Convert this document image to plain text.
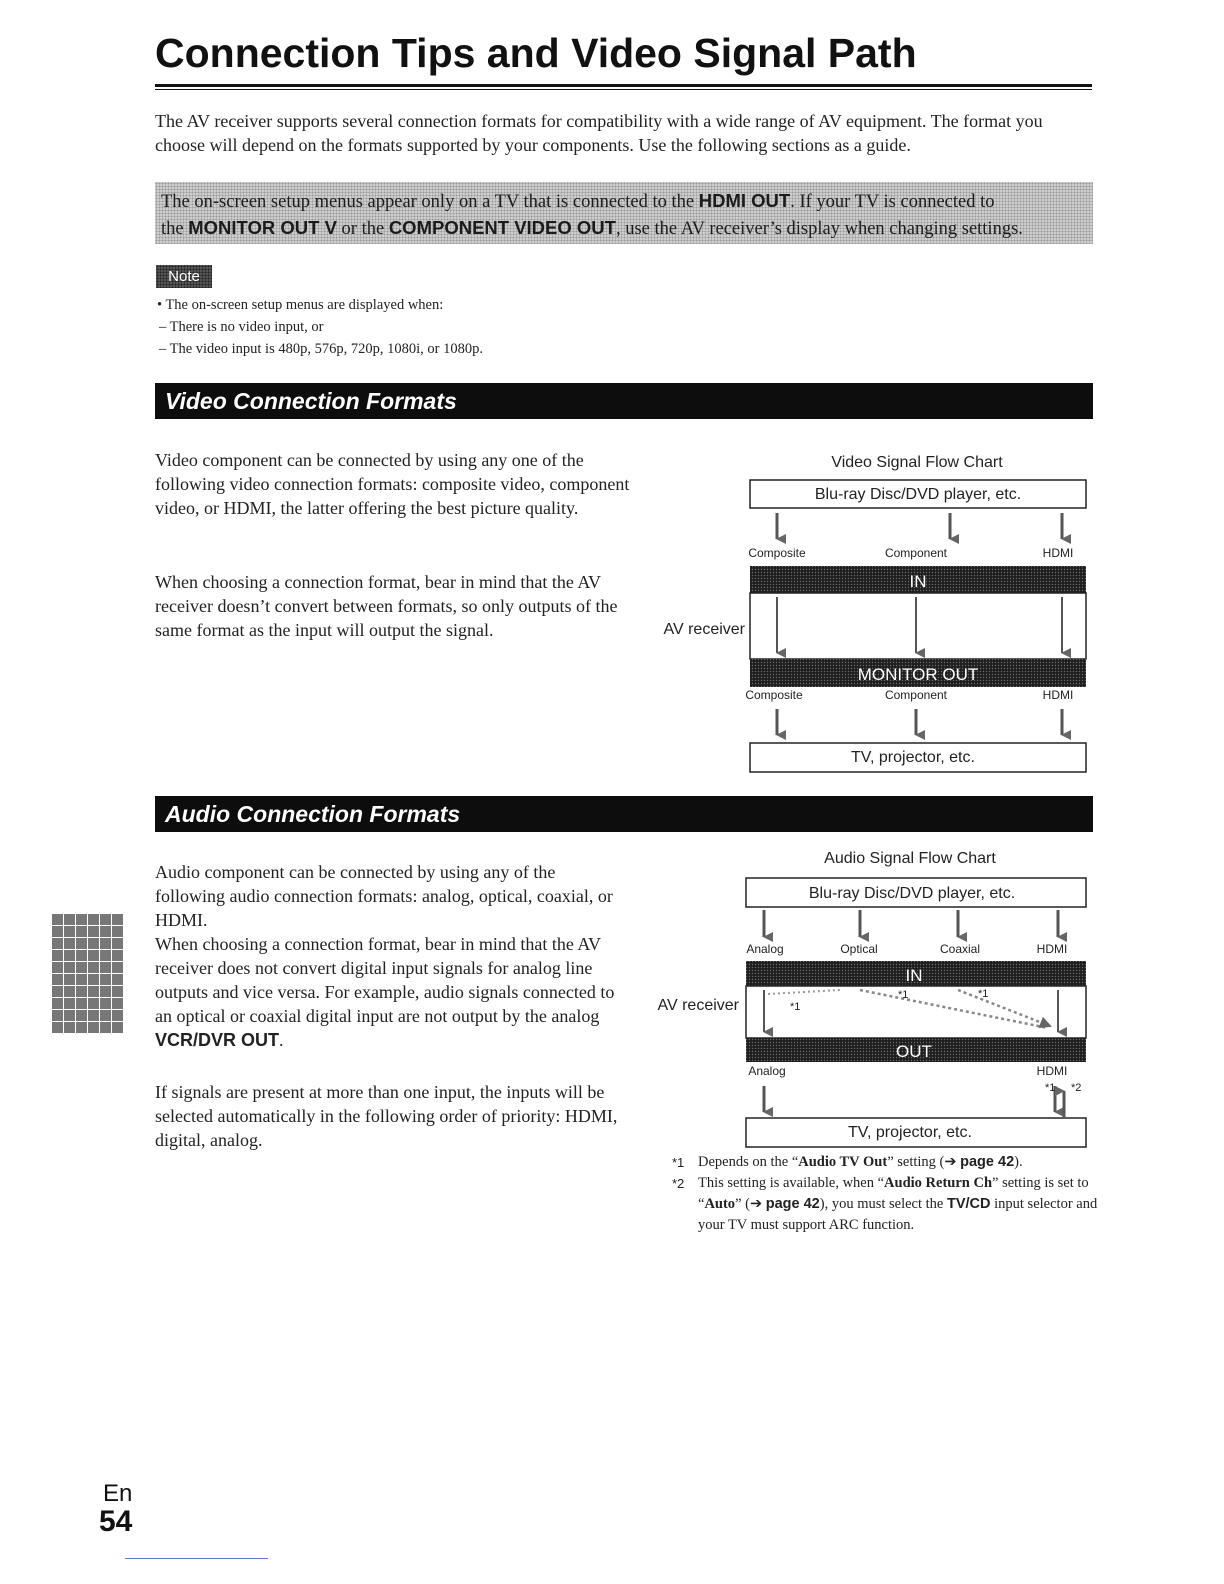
Connection Tips and Video Signal Path
The AV receiver supports several connection formats for compatibility with a wide range of AV equipment. The format you choose will depend on the formats supported by your components. Use the following sections as a guide.
The on-screen setup menus appear only on a TV that is connected to the HDMI OUT. If your TV is connected to
the MONITOR OUT V or the COMPONENT VIDEO OUT, use the AV receiver’s display when changing settings.
Note
• The on-screen setup menus are displayed when:
– There is no video input, or
– The video input is 480p, 576p, 720p, 1080i, or 1080p.
Video Connection Formats
Video component can be connected by using any one of the following video connection formats: composite video, component video, or HDMI, the latter offering the best picture quality.
When choosing a connection format, bear in mind that the AV receiver doesn’t convert between formats, so only outputs of the same format as the input will output the signal.
Video Signal Flow Chart
Blu-ray Disc/DVD player, etc.
Composite	Component	HDMI
IN
AV receiver
MONITOR OUT
Composite	Component	HDMI
TV, projector, etc.
Audio Connection Formats
Audio component can be connected by using any of the following audio connection formats: analog, optical, coaxial, or HDMI.
When choosing a connection format, bear in mind that the AV receiver does not convert digital input signals for analog line outputs and vice versa. For example, audio signals connected to an optical or coaxial digital input are not output by the analog VCR/DVR OUT.
If signals are present at more than one input, the inputs will be selected automatically in the following order of priority: HDMI, digital, analog.
Audio Signal Flow Chart
Blu-ray Disc/DVD player, etc.
Analog	Optical	Coaxial	HDMI
IN
AV receiver	*1
*1	*1
OUT
Analog	HDMI
*1 *2
TV, projector, etc.
*1 Depends on the “Audio TV Out” setting (➔ page 42).
*2 This setting is available, when “Audio Return Ch” setting is set to “Auto” (➔ page 42), you must select the TV/CD input selector and your TV must support ARC function.
En
54
